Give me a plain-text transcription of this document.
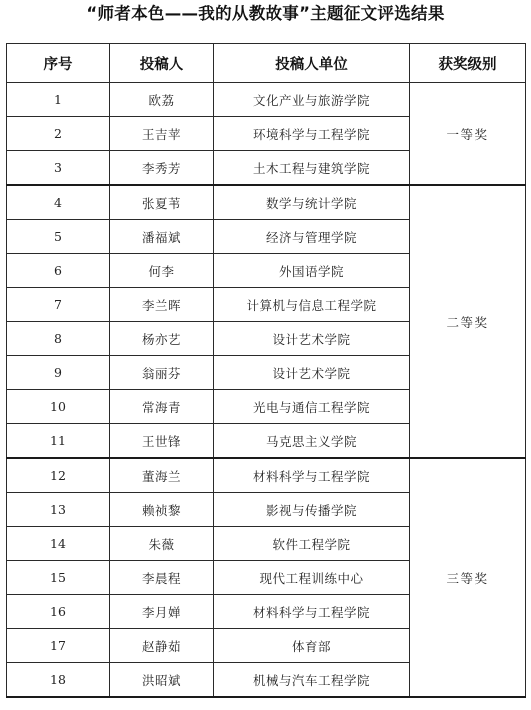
“师者本色——我的从教故事”主题征文评选结果
序号	投稿人	投稿人单位	获奖级别
1	欧荔	文化产业与旅游学院	一等奖
2	王吉苹	环境科学与工程学院	
3	李秀芳	土木工程与建筑学院	
4	张夏苇	数学与统计学院	二等奖
5	潘福斌	经济与管理学院	
6	何李	外国语学院	
7	李兰晖	计算机与信息工程学院	
8	杨亦艺	设计艺术学院	
9	翁丽芬	设计艺术学院	
10	常海青	光电与通信工程学院	
11	王世锋	马克思主义学院	
12	董海兰	材料科学与工程学院	三等奖
13	赖祯黎	影视与传播学院	
14	朱薇	软件工程学院	
15	李晨程	现代工程训练中心	
16	李月婵	材料科学与工程学院	
17	赵静茹	体育部	
18	洪昭斌	机械与汽车工程学院	
